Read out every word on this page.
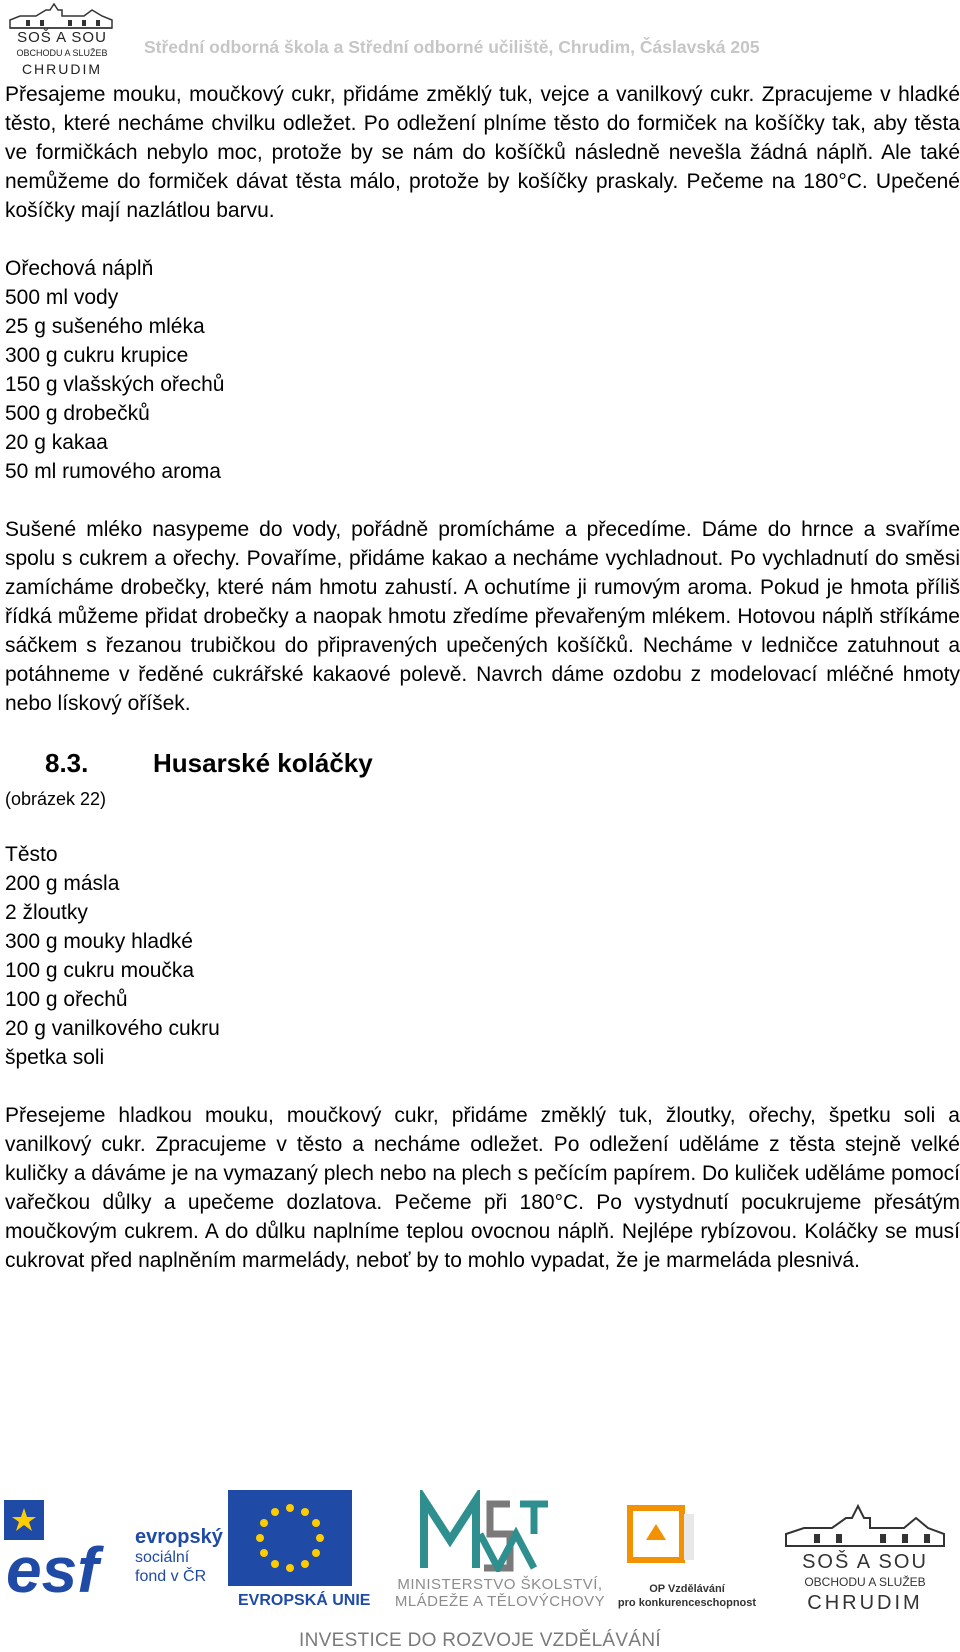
SOŠ A SOU
OBCHODU A SLUŽEB
CHRUDIM
Střední odborná škola a Střední odborné učiliště, Chrudim, Čáslavská 205

Přesajeme mouku, moučkový cukr, přidáme změklý tuk, vejce a vanilkový cukr. Zpracujeme v hladké těsto, které necháme chvilku odležet. Po odležení plníme těsto do formiček na košíčky tak, aby těsta ve formičkách nebylo moc, protože by se nám do košíčků následně nevešla žádná náplň. Ale také nemůžeme do formiček dávat těsta málo, protože by košíčky praskaly. Pečeme na 180°C. Upečené košíčky mají nazlátlou barvu.

Ořechová náplň

500 ml vody

25 g sušeného mléka

300 g cukru krupice

150 g vlašských ořechů

500 g drobečků

20 g kakaa

50 ml rumového aroma

Sušené mléko nasypeme do vody, pořádně promícháme a přecedíme. Dáme do hrnce a svaříme spolu s cukrem a ořechy. Povaříme, přidáme kakao a necháme vychladnout. Po vychladnutí do směsi zamícháme drobečky, které nám hmotu zahustí. A ochutíme ji rumovým aroma. Pokud je hmota příliš řídká můžeme přidat drobečky a naopak hmotu zředíme převařeným mlékem. Hotovou náplň stříkáme sáčkem s řezanou trubičkou do připravených upečených košíčků. Necháme v ledničce zatuhnout a potáhneme v ředěné cukrářské kakaové polevě. Navrch dáme ozdobu z modelovací mléčné hmoty nebo lískový oříšek.

8.3. Husarské koláčky

(obrázek 22)

Těsto

200 g másla

2 žloutky

300 g mouky hladké

100 g cukru moučka

100 g ořechů

20 g vanilkového cukru

špetka soli

Přesejeme hladkou mouku, moučkový cukr, přidáme změklý tuk, žloutky, ořechy, špetku soli a vanilkový cukr. Zpracujeme v těsto a necháme odležet. Po odležení uděláme z těsta stejně velké kuličky a dáváme je na vymazaný plech nebo na plech s pečícím papírem. Do kuliček uděláme pomocí vařečkou důlky a upečeme dozlatova. Pečeme při 180°C. Po vystydnutí pocukrujeme přesátým moučkovým cukrem. A do důlku naplníme teplou ovocnou náplň. Nejlépe rybízovou. Koláčky se musí cukrovat před naplněním marmelády, neboť by to mohlo vypadat, že je marmeláda plesnivá.

esf evropský
sociální
fond v ČR
EVROPSKÁ UNIE
MINISTERSTVO ŠKOLSTVÍ,
MLÁDEŽE A TĚLOVÝCHOVY
OP Vzdělávání
pro konkurenceschopnost
SOŠ A SOU
OBCHODU A SLUŽEB
CHRUDIM
INVESTICE DO ROZVOJE VZDĚLÁVÁNÍ
